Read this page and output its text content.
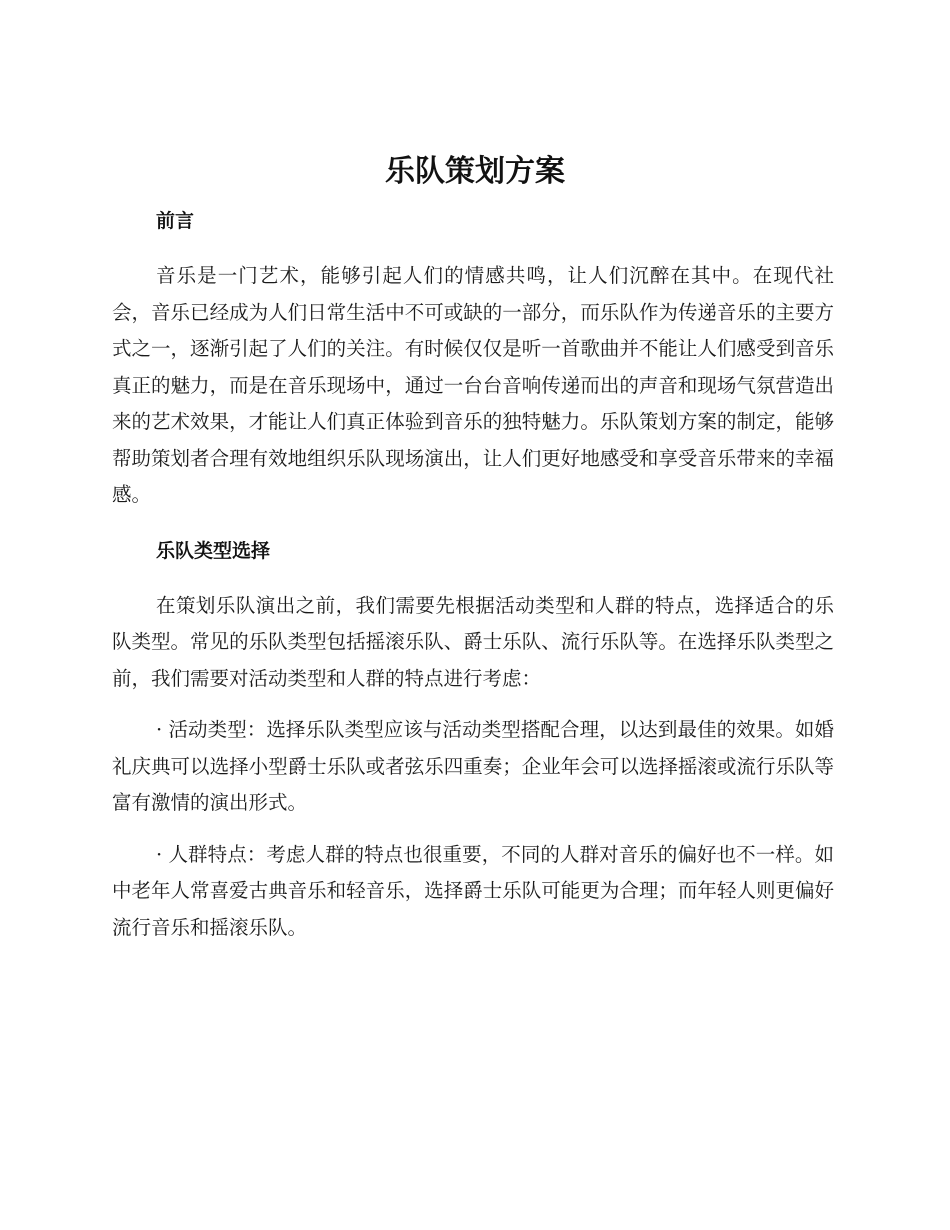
乐队策划方案
前言

音乐是一门艺术，能够引起人们的情感共鸣，让人们沉醉在其中。在现代社会，音乐已经成为人们日常生活中不可或缺的一部分，而乐队作为传递音乐的主要方式之一，逐渐引起了人们的关注。有时候仅仅是听一首歌曲并不能让人们感受到音乐真正的魅力，而是在音乐现场中，通过一台台音响传递而出的声音和现场气氛营造出来的艺术效果，才能让人们真正体验到音乐的独特魅力。乐队策划方案的制定，能够帮助策划者合理有效地组织乐队现场演出，让人们更好地感受和享受音乐带来的幸福感。

乐队类型选择

在策划乐队演出之前，我们需要先根据活动类型和人群的特点，选择适合的乐队类型。常见的乐队类型包括摇滚乐队、爵士乐队、流行乐队等。在选择乐队类型之前，我们需要对活动类型和人群的特点进行考虑：

· 活动类型：选择乐队类型应该与活动类型搭配合理，以达到最佳的效果。如婚礼庆典可以选择小型爵士乐队或者弦乐四重奏；企业年会可以选择摇滚或流行乐队等富有激情的演出形式。

· 人群特点：考虑人群的特点也很重要，不同的人群对音乐的偏好也不一样。如中老年人常喜爱古典音乐和轻音乐，选择爵士乐队可能更为合理；而年轻人则更偏好流行音乐和摇滚乐队。
